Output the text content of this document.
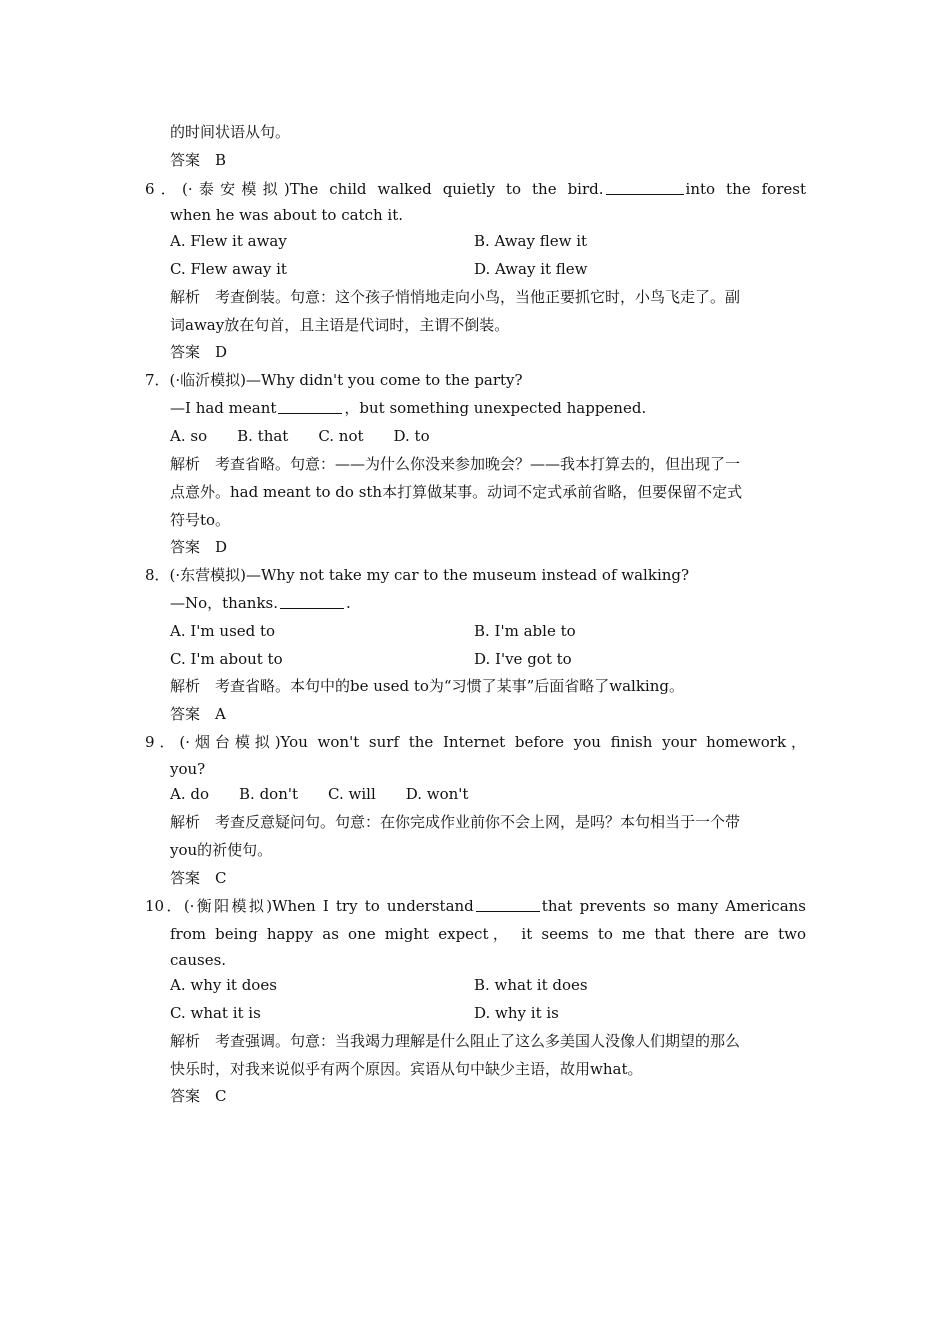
的时间状语从句。
答案　B
6．(·泰安模拟)The child walked quietly to the bird.	into the forest
when he was about to catch it.
A. Flew it away	B. Away flew it
C. Flew away it	D. Away it flew
解析　考查倒装。句意：这个孩子悄悄地走向小鸟，当他正要抓它时，小鸟飞走了。副
词away放在句首，且主语是代词时，主谓不倒装。
答案　D
7．(·临沂模拟)—Why didn't you come to the party?
—I had meant	，but something unexpected happened.
A. so B. that C. not D. to
解析　考查省略。句意：——为什么你没来参加晚会？——我本打算去的，但出现了一
点意外。had meant to do sth本打算做某事。动词不定式承前省略，但要保留不定式
符号to。
答案　D
8．(·东营模拟)—Why not take my car to the museum instead of walking?
—No，thanks.	.
A. I'm used to	B. I'm able to
C. I'm about to	D. I've got to
解析　考查省略。本句中的be used to为“习惯了某事”后面省略了walking。
答案　A
9．(·烟台模拟)You won't surf the Internet before you finish your homework，
you?
A. do B. don't C. will D. won't
解析　考查反意疑问句。句意：在你完成作业前你不会上网，是吗？本句相当于一个带
you的祈使句。
答案　C
10．(·衡阳模拟)When I try to understand	that prevents so many Americans
from being happy as one might expect， it seems to me that there are two
causes.
A. why it does	B. what it does
C. what it is	D. why it is
解析　考查强调。句意：当我竭力理解是什么阻止了这么多美国人没像人们期望的那么
快乐时，对我来说似乎有两个原因。宾语从句中缺少主语，故用what。
答案　C
